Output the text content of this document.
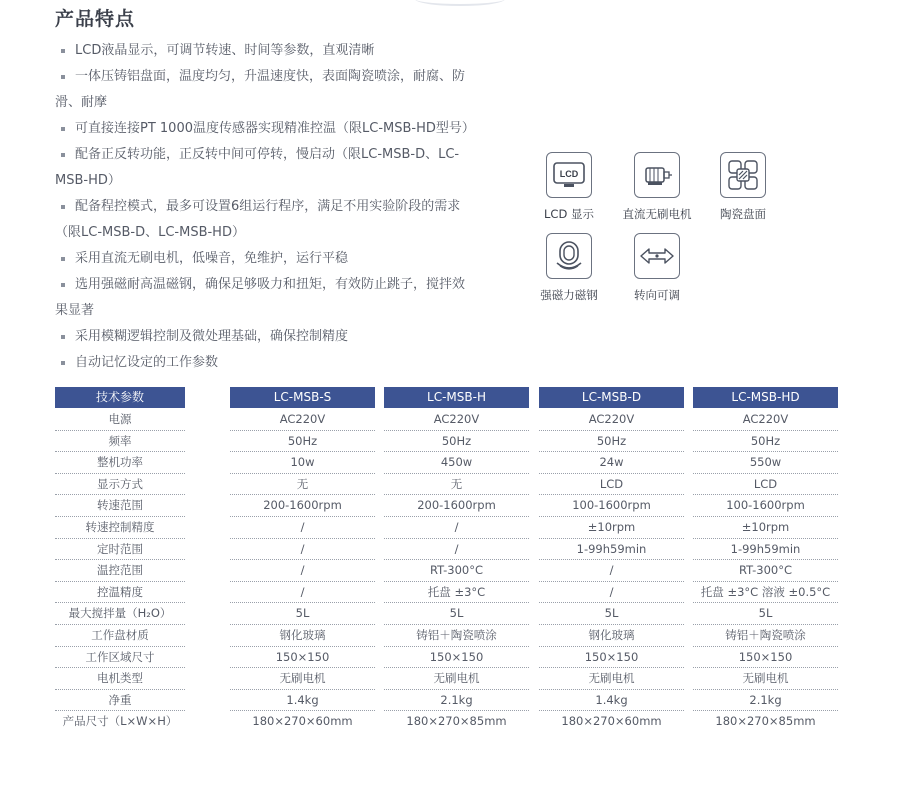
产品特点
LCD液晶显示，可调节转速、时间等参数，直观清晰
一体压铸铝盘面，温度均匀，升温速度快，表面陶瓷喷涂，耐腐、防滑、耐摩
可直接连接PT 1000温度传感器实现精准控温（限LC-MSB-HD型号）
配备正反转功能，正反转中间可停转，慢启动（限LC-MSB-D、LC-MSB-HD）
配备程控模式，最多可设置6组运行程序，满足不用实验阶段的需求（限LC-MSB-D、LC-MSB-HD）
采用直流无刷电机，低噪音，免维护，运行平稳
选用强磁耐高温磁钢，确保足够吸力和扭矩，有效防止跳子，搅拌效果显著
采用模糊逻辑控制及微处理基础，确保控制精度
自动记忆设定的工作参数
LCD
LCD 显示	直流无刷电机	陶瓷盘面
强磁力磁钢	转向可调
技术参数	LC-MSB-S	LC-MSB-H	LC-MSB-D	LC-MSB-HD
电源	AC220V	AC220V	AC220V	AC220V
频率	50Hz	50Hz	50Hz	50Hz
整机功率	10w	450w	24w	550w
显示方式	无	无	LCD	LCD
转速范围	200-1600rpm	200-1600rpm	100-1600rpm	100-1600rpm
转速控制精度	/	/	±10rpm	±10rpm
定时范围	/	/	1-99h59min	1-99h59min
温控范围	/	RT-300°C	/	RT-300°C
控温精度	/	托盘 ±3°C	/	托盘 ±3°C 溶液 ±0.5°C
最大搅拌量（H₂O）	5L	5L	5L	5L
工作盘材质	钢化玻璃	铸铝＋陶瓷喷涂	钢化玻璃	铸铝＋陶瓷喷涂
工作区域尺寸	150×150	150×150	150×150	150×150
电机类型	无刷电机	无刷电机	无刷电机	无刷电机
净重	1.4kg	2.1kg	1.4kg	2.1kg
产品尺寸（L×W×H）	180×270×60mm	180×270×85mm	180×270×60mm	180×270×85mm
